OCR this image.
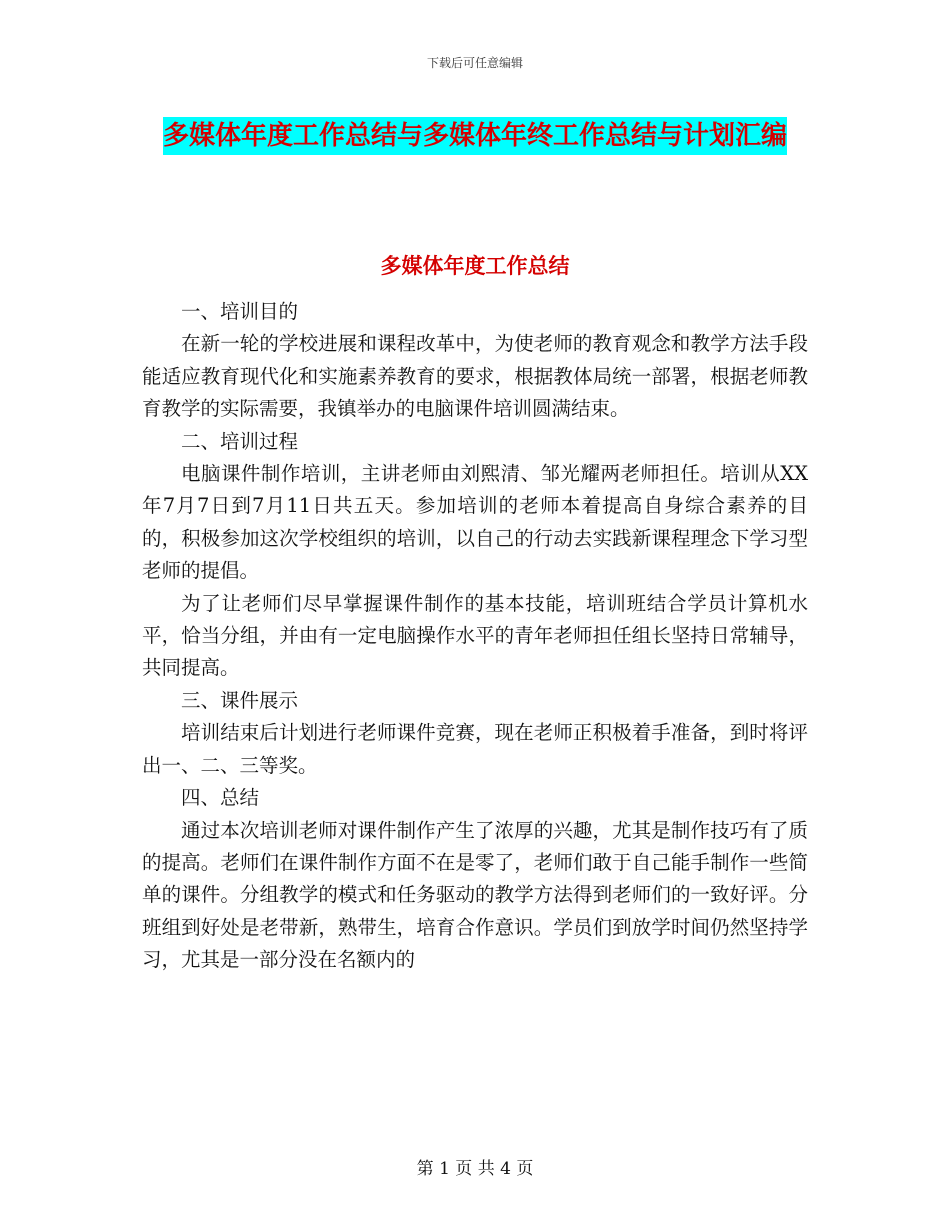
下载后可任意编辑
多媒体年度工作总结与多媒体年终工作总结与计划汇编
多媒体年度工作总结

一、培训目的

在新一轮的学校进展和课程改革中，为使老师的教育观念和教学方法手段能适应教育现代化和实施素养教育的要求，根据教体局统一部署，根据老师教育教学的实际需要，我镇举办的电脑课件培训圆满结束。

二、培训过程

电脑课件制作培训，主讲老师由刘熙清、邹光耀两老师担任。培训从XX年7月7日到7月11日共五天。参加培训的老师本着提高自身综合素养的目的，积极参加这次学校组织的培训，以自己的行动去实践新课程理念下学习型老师的提倡。

为了让老师们尽早掌握课件制作的基本技能，培训班结合学员计算机水平，恰当分组，并由有一定电脑操作水平的青年老师担任组长坚持日常辅导，共同提高。

三、课件展示

培训结束后计划进行老师课件竞赛，现在老师正积极着手准备，到时将评出一、二、三等奖。

四、总结

通过本次培训老师对课件制作产生了浓厚的兴趣，尤其是制作技巧有了质的提高。老师们在课件制作方面不在是零了，老师们敢于自己能手制作一些简单的课件。分组教学的模式和任务驱动的教学方法得到老师们的一致好评。分班组到好处是老带新，熟带生，培育合作意识。学员们到放学时间仍然坚持学习，尤其是一部分没在名额内的

第 1 页 共 4 页
